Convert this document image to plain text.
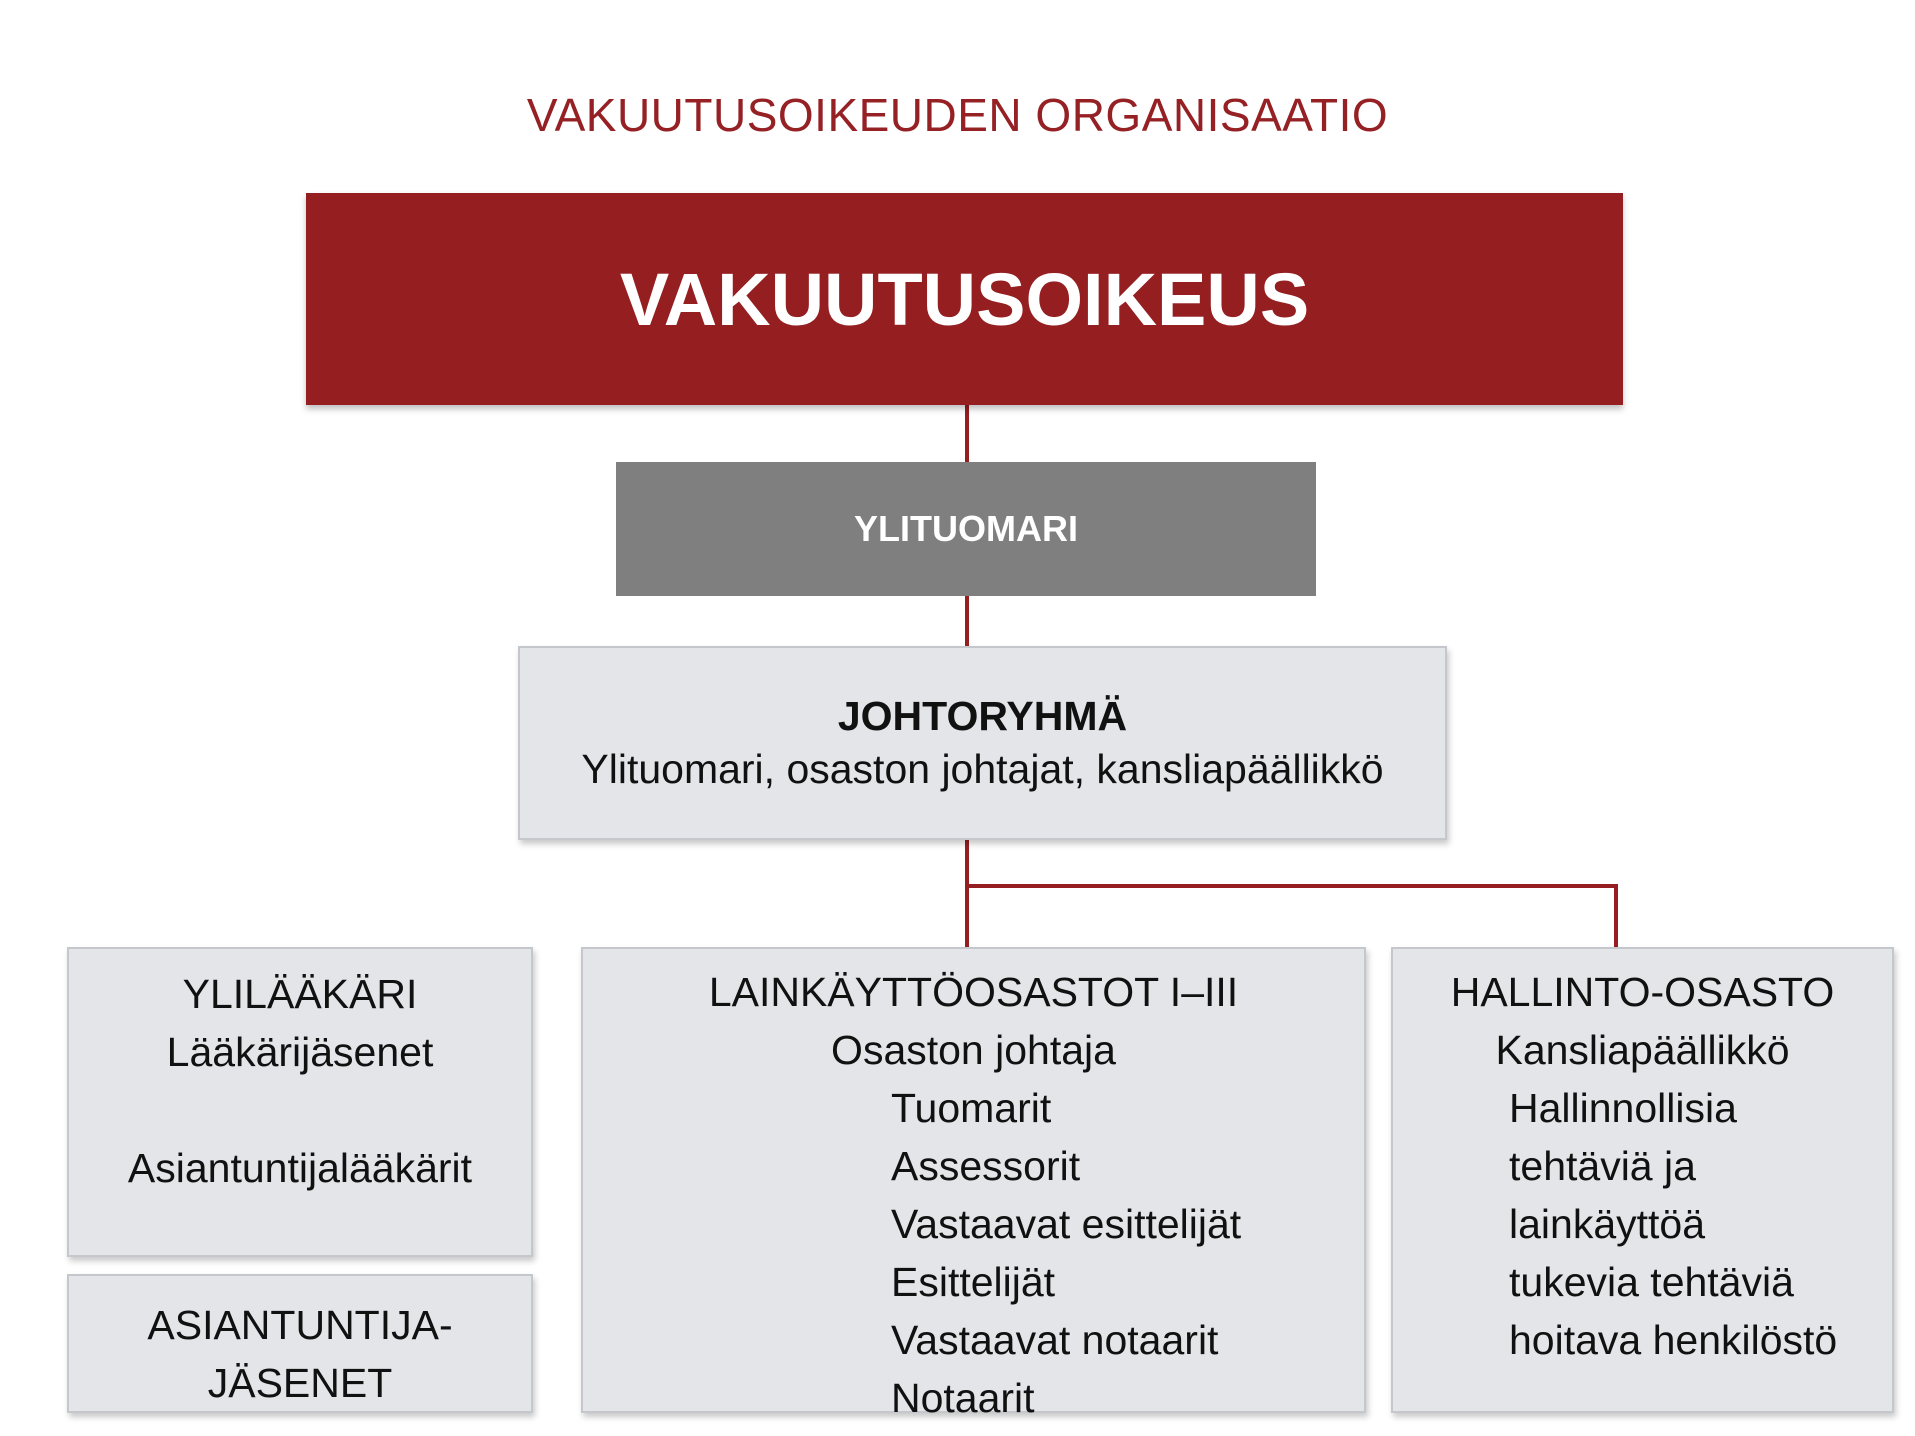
VAKUUTUSOIKEUDEN ORGANISAATIO
VAKUUTUSOIKEUS
YLITUOMARI
JOHTORYHMÄ
Ylituomari, osaston johtajat, kansliapäällikkö
YLILÄÄKÄRI
Lääkärijäsenet
Asiantuntijalääkärit
ASIANTUNTIJA-
JÄSENET
LAINKÄYTTÖOSASTOT I–III
Osaston johtaja
Tuomarit
Assessorit
Vastaavat esittelijät
Esittelijät
Vastaavat notaarit
Notaarit
HALLINTO-OSASTO
Kansliapäällikkö
Hallinnollisia
tehtäviä ja
lainkäyttöä
tukevia tehtäviä
hoitava henkilöstö
